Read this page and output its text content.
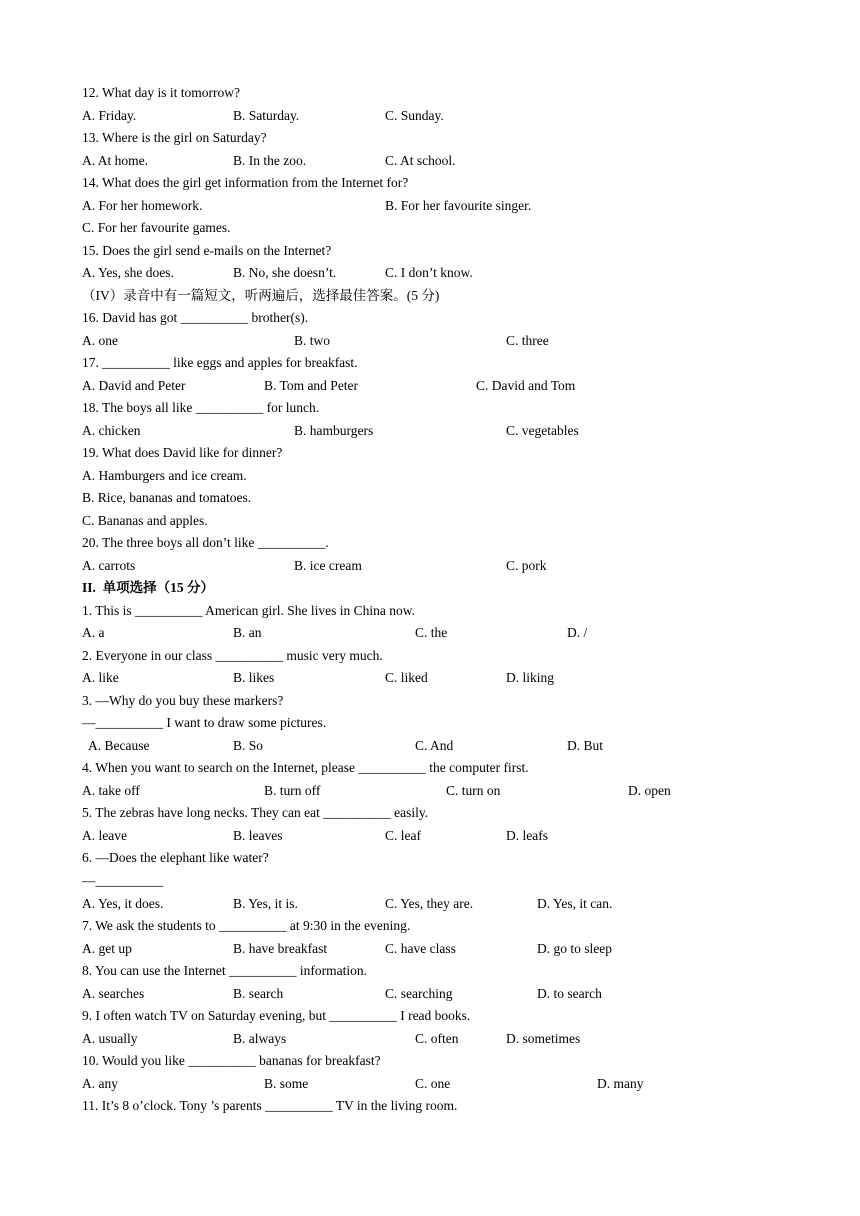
12. What day is it tomorrow?
A. Friday.	B. Saturday.	C. Sunday.
13. Where is the girl on Saturday?
A. At home.	B. In the zoo.	C. At school.
14. What does the girl get information from the Internet for?
A. For her homework.	B. For her favourite singer.
C. For her favourite games.
15. Does the girl send e-mails on the Internet?
A. Yes, she does.	B. No, she doesn’t.	C. I don’t know.
（IV）录音中有一篇短文，听两遍后，选择最佳答案。(5 分)
16. David has got __________ brother(s).
A. one	B. two	C. three
17. __________ like eggs and apples for breakfast.
A. David and Peter	B. Tom and Peter	C. David and Tom
18. The boys all like __________ for lunch.
A. chicken	B. hamburgers	C. vegetables
19. What does David like for dinner?
A. Hamburgers and ice cream.
B. Rice, bananas and tomatoes.
C. Bananas and apples.
20. The three boys all don’t like __________.
A. carrots	B. ice cream	C. pork
II.  单项选择（15 分）
1. This is __________ American girl. She lives in China now.
A. a	B. an	C. the	D. /
2. Everyone in our class __________ music very much.
A. like	B. likes	C. liked	D. liking
3. —Why do you buy these markers?
—__________ I want to draw some pictures.
A. Because	B. So	C. And	D. But
4. When you want to search on the Internet, please __________ the computer first.
A. take off	B. turn off	C. turn on	D. open
5. The zebras have long necks. They can eat __________ easily.
A. leave	B. leaves	C. leaf	D. leafs
6. —Does the elephant like water?
—__________
A. Yes, it does.	B. Yes, it is.	C. Yes, they are.	D. Yes, it can.
7. We ask the students to __________ at 9:30 in the evening.
A. get up	B. have breakfast	C. have class	D. go to sleep
8. You can use the Internet __________ information.
A. searches	B. search	C. searching	D. to search
9. I often watch TV on Saturday evening, but __________ I read books.
A. usually	B. always	C. often	D. sometimes
10. Would you like __________ bananas for breakfast?
A. any	B. some	C. one	D. many
11. It’s 8 o’clock. Tony ’s parents __________ TV in the living room.
